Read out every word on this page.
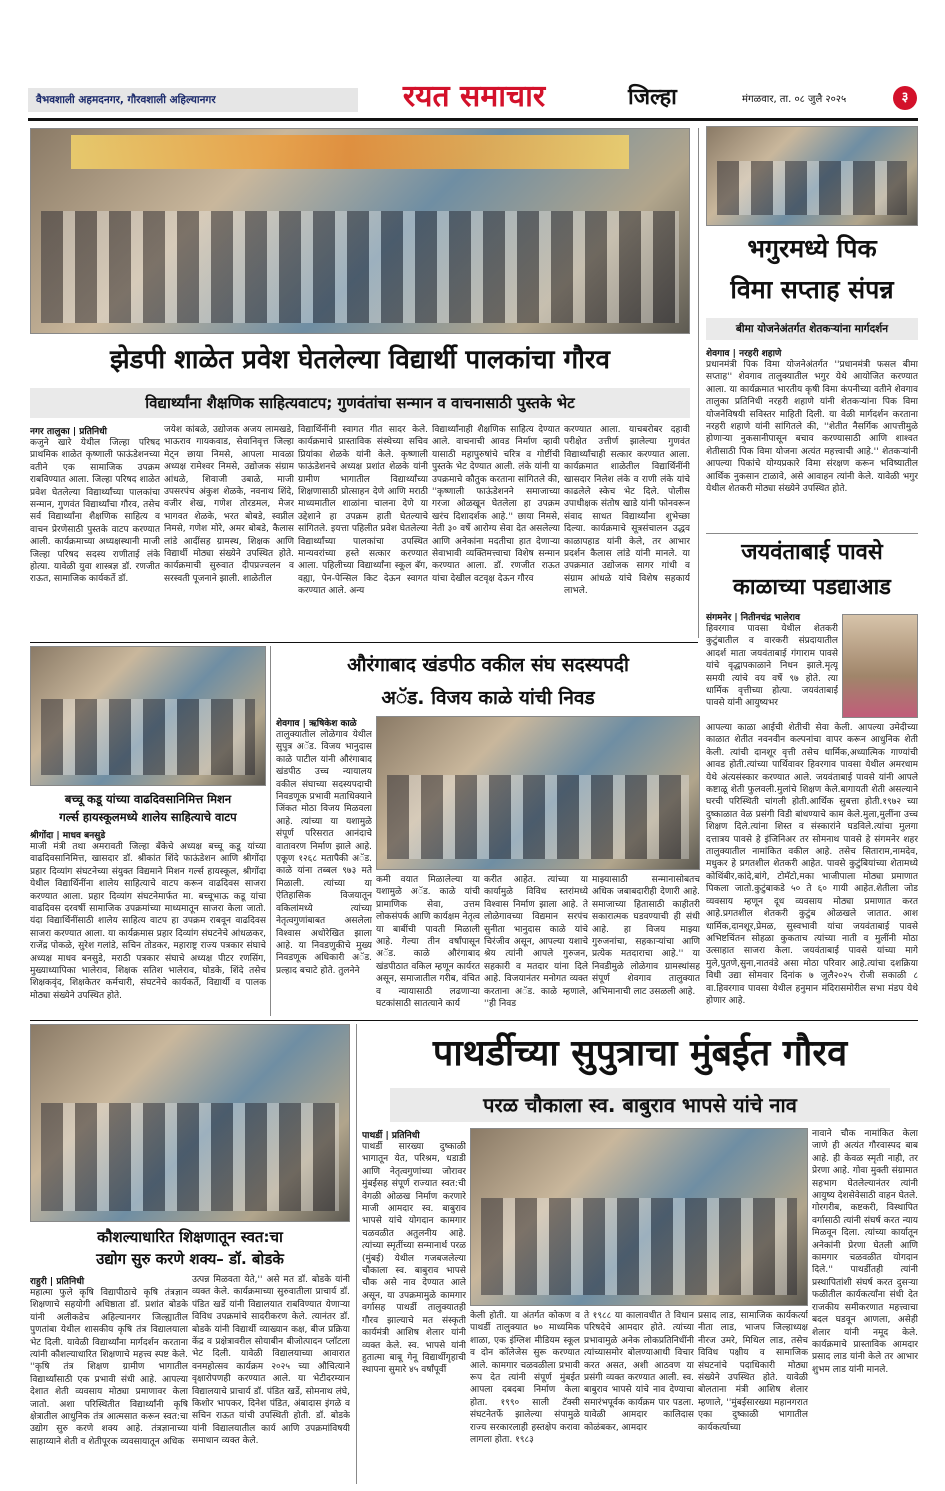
वैभवशाली अहमदनगर, गौरवशाली अहिल्यानगर	रयत समाचार	जिल्हा	मंगळवार, ता. ०८ जुलै २०२५	३
झेडपी शाळेत प्रवेश घेतलेल्या विद्यार्थी पालकांचा गौरव
विद्यार्थ्यांना शैक्षणिक साहित्यवाटप; गुणवंतांचा सन्मान व वाचनासाठी पुस्तके भेट
नगर तालुका | प्रतिनिधी
कजुने खारे येथील जिल्हा परिषद प्राथमिक शाळेत कृष्णाली फाऊंडेशनच्या वतीने एक सामाजिक उपक्रम राबविण्यात आला. जिल्हा परिषद शाळेत प्रवेश घेतलेल्या विद्यार्थ्यांच्या पालकांचा सन्मान, गुणवंत विद्यार्थ्यांचा गौरव, तसेच सर्व विद्यार्थ्यांना शैक्षणिक साहित्य व वाचन प्रेरणेसाठी पुस्तके वाटप करण्यात आली. कार्यक्रमाच्या अध्यक्षस्थानी माजी जिल्हा परिषद सदस्य राणीताई लंके होत्या. यावेळी युवा शास्त्रज्ञ डॉ. रणजीत राऊत, सामाजिक कार्यकर्ते डॉ.
जयेश कांबळे, उद्योजक अजय लामखडे, भाऊराव गायकवाड, सेवानिवृत्त जिल्हा मेट्न छाया निमसे, आपला मावळा अध्यक्ष रामेश्वर निमसे, उद्योजक संग्राम आंधळे, शिवाजी उबाळे, माजी उपसरपंच अंकुश शेळके, नवनाथ शिंदे, वजीर शेख, गणेश तोरडमल, मेजर भागवत शेळके, भरत बोबडे, स्वप्नील निमसे, गणेश मोरे, अमर बोबडे, कैलास लांडे आदींसह ग्रामस्थ, शिक्षक आणि विद्यार्थी मोठ्या संख्येने उपस्थित होते. कार्यक्रमाची सुरुवात दीपप्रज्वलन व सरस्वती पूजनाने झाली. शाळेतील
विद्यार्थिनींनी स्वागत गीत सादर केले. कार्यक्रमाचे प्रास्ताविक संस्थेच्या सचिव प्रियांका शेळके यांनी केले. कृष्णाली फाऊंडेशनचे अध्यक्ष प्रशांत शेळके यांनी ग्रामीण भागातील विद्यार्थ्यांच्या शिक्षणासाठी प्रोत्साहन देणे आणि मराठी माध्यमातील शाळांना चालना देणे या उद्देशाने हा उपक्रम हाती घेतल्याचे सांगितले. इयत्ता पहिलीत प्रवेश घेतलेल्या विद्यार्थ्यांच्या पालकांचा उपस्थित मान्यवरांच्या हस्ते सत्कार करण्यात आला. पहिलीच्या विद्यार्थ्यांना स्कूल बॅग, वह्या, पेन-पेन्सिल किट देऊन स्वागत करण्यात आले. अन्य
विद्यार्थ्यांनाही शैक्षणिक साहित्य देण्यात आले. वाचनाची आवड निर्माण व्हावी यासाठी महापुरुषांचे चरित्र व गोष्टींची पुस्तके भेट देण्यात आली. लंके यांनी या उपक्रमाचे कौतुक करताना सांगितले की, ''कृष्णाली फाऊंडेशनने समाजाच्या गरजा ओळखून घेतलेला हा उपक्रम खरंच दिशादर्शक आहे.'' छाया निमसे, नेती ३० वर्षे आरोग्य सेवा देत असलेल्या आणि अनेकांना मदतीचा हात देणाऱ्या सेवाभावी व्यक्तिमत्त्वाचा विशेष सन्मान करण्यात आला. डॉ. रणजीत राऊत यांचा देखील वटवृक्ष देऊन गौरव
करण्यात आला. याचबरोबर दहावी परीक्षेत उत्तीर्ण झालेल्या गुणवंत विद्यार्थ्यांचाही सत्कार करण्यात आला. कार्यक्रमात शाळेतील विद्यार्थिनींनी खासदार निलेश लंके व राणी लंके यांचे काढलेले स्केच भेट दिले. पोलीस उपाधीक्षक संतोष खाडे यांनी फोनवरून संवाद साधत विद्यार्थ्यांना शुभेच्छा दिल्या. कार्यक्रमाचे सूत्रसंचालन उद्धव काळापहाड यांनी केले, तर आभार प्रदर्शन कैलास लांडे यांनी मानले. या उपक्रमात उद्योजक सागर गांधी व संग्राम आंधळे यांचे विशेष सहकार्य लाभले.
भगुरमध्ये पिक
विमा सप्ताह संपन्न
बीमा योजनेअंतर्गत शेतकऱ्यांना मार्गदर्शन
शेवगाव | नरहरी शहाणे
प्रधानमंत्री पिक विमा योजनेअंतर्गत ''प्रधानमंत्री फसल बीमा सप्ताह'' शेवगाव तालुक्यातील भगुर येथे आयोजित करण्यात आला. या कार्यक्रमात भारतीय कृषी विमा कंपनीच्या वतीने शेवगाव तालुका प्रतिनिधी नरहरी शहाणे यांनी शेतकऱ्यांना पिक विमा योजनेविषयी सविस्तर माहिती दिली. या वेळी मार्गदर्शन करताना नरहरी शहाणे यांनी सांगितले की, ''शेतीत नैसर्गिक आपत्तीमुळे होणाऱ्या नुकसानीपासून बचाव करण्यासाठी आणि शाश्वत शेतीसाठी पिक विमा योजना अत्यंत महत्त्वाची आहे.'' शेतकऱ्यांनी आपल्या पिकांचे योग्यप्रकारे विमा संरक्षण करून भविष्यातील आर्थिक नुकसान टाळावे, असे आवाहन त्यांनी केले. यावेळी भगुर येथील शेतकरी मोठ्या संख्येने उपस्थित होते.
जयवंताबाई पावसे
काळाच्या पडद्याआड
संगमनेर | नितीनचंद्र भालेराव
हिवरगाव पावसा येथील शेतकरी कुटुंबातील व वारकरी संप्रदायातील आदर्श माता जयवंताबाई गंगाराम पावसे यांचे वृद्धापकाळाने निधन झाले.मृत्यू समयी त्यांचे वय वर्षे ९७ होते. त्या धार्मिक वृत्तीच्या होत्या. जयवंताबाई पावसे यांनी आयुष्यभर
आपल्या काळा आईची शेतीची सेवा केली. आपल्या उमेदीच्या काळात शेतीत नवनवीन कल्पनांचा वापर करून आधुनिक शेती केली. त्यांची दानशूर वृत्ती तसेच धार्मिक,अध्यात्मिक गाण्यांची आवड होती.त्यांच्या पार्थिवावर हिवरगाव पावसा येथील अमरधाम येथे अंत्यसंस्कार करण्यात आले. जयवंताबाई पावसे यांनी आपले कष्टाळू शेती फुलवली.मुलांचे शिक्षण केले.बागायती शेती असल्याने घरची परिस्थिती चांगली होती.आर्थिक सुबत्ता होती.१९७२ च्या दुष्काळात वेळ प्रसंगी विडी बांधण्याचे काम केले.मुला,मुलींना उच्च शिक्षण दिले.त्यांना शिस्त व संस्कारांने घडविले.त्यांचा मुलगा दत्तात्रय पावसे हे इंजिनिअर तर सोमनाथ पावसे हे संगमनेर शहर तालुक्यातील नामांकित वकील आहे. तसेच सिताराम,नामदेव, मधुकर हे प्रगतशील शेतकरी आहेत. पावसे कुटुंबियांच्या शेतामध्ये कोथिंबीर,कांदे,बांगे, टोमॅटो,मका भाजीपाला मोठ्या प्रमाणात पिकला जातो.कुटुंबाकडे ५० ते ६० गायी आहेत.शेतीला जोड व्यवसाय म्हणून दूध व्यवसाय मोठ्या प्रमाणात करत आहे.प्रगतशील शेतकरी कुटुंब ओळखले जातात. आश धार्मिक,दानशूर,प्रेमळ, सुस्वभावी यांचा जयवंताबाई पावसे अभिष्टचिंतन सोहळा कुकताच त्यांच्या नाती व मुलींनी मोठा उत्साहात साजरा केला. जयवंताबाई पावसे यांच्या मागे मुले,पुतणे,सुना,नातवंडे असा मोठा परिवार आहे.त्यांचा दशक्रिया विधी उद्या सोमवार दिनांक ७ जुलै२०२५ रोजी सकाळी ८ वा.हिवरगाव पावसा येथील हनुमान मंदिरासमोरील सभा मंडप येथे होणार आहे.
बच्चू कडू यांच्या वाढदिवसानिमित्त मिशन
गर्ल्स हायस्कूलमध्ये शालेय साहित्याचे वाटप
श्रीगोंदा | माधव बनसुडे
माजी मंत्री तथा अमरावती जिल्हा बँकेचे अध्यक्ष बच्चू कडू यांच्या वाढदिवसानिमित्त, खासदार डॉ. श्रीकांत शिंदे फाऊंडेशन आणि श्रीगोंदा प्रहार दिव्यांग संघटनेच्या संयुक्त विद्यमाने मिशन गर्ल्स हायस्कूल, श्रीगोंदा येथील विद्यार्थिनींना शालेय साहित्याचे वाटप करून वाढदिवस साजरा करण्यात आला. प्रहार दिव्यांग संघटनेमार्फत मा. बच्चूभाऊ कडू यांचा वाढदिवस दरवर्षी सामाजिक उपक्रमांच्या माध्यमातून साजरा केला जातो. यंदा विद्यार्थिनींसाठी शालेय साहित्य वाटप हा उपक्रम राबवून वाढदिवस साजरा करण्यात आला. या कार्यक्रमास प्रहार दिव्यांग संघटनेचे आंधळकर, राजेंद्र पोकळे, सुरेश गलांडे, सचिन तोडकर, महाराष्ट्र राज्य पत्रकार संघाचे अध्यक्ष माधव बनसुडे, मराठी पत्रकार संघाचे अध्यक्ष पीटर रणसिंग, मुख्याध्यापिका भालेराव, शिक्षक सतिश भालेराव, घोडके, शिंदे तसेच शिक्षकवृंद, शिक्षकेतर कर्मचारी, संघटनेचे कार्यकर्ते, विद्यार्थी व पालक मोठ्या संख्येने उपस्थित होते.
औरंगाबाद खंडपीठ वकील संघ सदस्यपदी
अॅड. विजय काळे यांची निवड
शेवगाव | ऋषिकेश काळे
तालुक्यातील लोळेगाव येथील सुपुत्र अॅड. विजय भानुदास काळे पाटील यांनी औरंगाबाद खंडपीठ उच्च न्यायालय वकील संघाच्या सदस्यपदाची निवडणूक प्रभावी मताधिक्याने जिंकत मोठा विजय मिळवला आहे. त्यांच्या या यशामुळे संपूर्ण परिसरात आनंदाचे वातावरण निर्माण झाले आहे. एकूण १२६८ मतापैकी अॅड. काळे यांना तब्बल ९७३ मते मिळाली. त्यांच्या या ऐतिहासिक विजयातून वकिलांमध्ये त्यांच्या नेतृत्वगुणांबाबत असलेला विश्वास अधोरेखित झाला आहे. या निवडणुकीचे मुख्य निवडणूक अधिकारी अॅड. प्रल्हाद बचाटे होते. तुलनेने
कमी वयात मिळालेल्या या यशामुळे अॅड. काळे यांची प्रामाणिक सेवा, उत्तम लोकसंपर्क आणि कार्यक्षम नेतृत्व या बाबींची पावती मिळाली आहे. गेल्या तीन वर्षांपासून अॅड. काळे औरंगाबाद खंडपीठात वकिल म्हणून कार्यरत असून, समाजातील गरीब, वंचित व न्यायासाठी लढणाऱ्या घटकांसाठी सातत्याने कार्य
करीत आहेत. त्यांच्या या कार्यामुळे विविध स्तरांमध्ये विश्वास निर्माण झाला आहे. ते लोळेगावच्या विद्यमान सरपंच सुनीता भानुदास काळे यांचे चिरंजीव असून, आपल्या यशाचे श्रेय त्यांनी आपले गुरुजन, सहकारी व मतदार यांना दिले आहे. विजयानंतर मनोगत व्यक्त करताना अॅड. काळे म्हणाले, ''ही निवड
माझ्यासाठी सन्मानासोबतच अधिक जबाबदारीही देणारी आहे. समाजाच्या हितासाठी काहीतरी सकारात्मक घडवण्याची ही संधी आहे. हा विजय माझ्या गुरुजनांचा, सहकाऱ्यांचा आणि प्रत्येक मतदाराचा आहे.'' या निवडीमुळे लोळेगाव ग्रामस्थांसह संपूर्ण शेवगाव तालुक्यात अभिमानाची लाट उसळली आहे.
कौशल्याधारित शिक्षणातून स्वत:चा
उद्योग सुरु करणे शक्य– डॉ. बोडके
राहुरी | प्रतिनिधी
महात्मा फुले कृषि विद्यापीठाचे कृषि तंत्रज्ञान शिक्षणाचे सहयोगी अधिष्ठाता डॉ. प्रशांत बोडके यांनी अलीकडेच अहिल्यानगर जिल्ह्यातील पुणतांबा येथील शासकीय कृषि तंत्र विद्यालयाला भेट दिली. यावेळी विद्यार्थ्यांना मार्गदर्शन करताना त्यांनी कौशल्याधारित शिक्षणाचे महत्त्व स्पष्ट केले. ''कृषि तंत्र शिक्षण ग्रामीण भागातील विद्यार्थ्यांसाठी एक प्रभावी संधी आहे. आपल्या देशात शेती व्यवसाय मोठ्या प्रमाणावर केला जातो. अशा परिस्थितीत विद्यार्थ्यांनी कृषि क्षेत्रातील आधुनिक तंत्र आत्मसात करून स्वत:चा उद्योग सुरु करणे शक्य आहे. तंत्रज्ञानाच्या साहाय्याने शेती व शेतीपूरक व्यवसायातून अधिक
उत्पन्न मिळवता येते,'' असे मत डॉ. बोडके यांनी व्यक्त केले. कार्यक्रमाच्या सुरुवातीला प्राचार्य डॉ. पंडित खर्डे यांनी विद्यालयात राबविण्यात येणाऱ्या विविध उपक्रमांचे सादरीकरण केले. त्यानंतर डॉ. बोडके यांनी विद्यार्थी व्याख्यान कक्ष, बीज प्रक्रिया केंद्र व प्रक्षेत्रावरील सोयाबीन बीजोत्पादन प्लॉटला भेट दिली. यावेळी विद्यालयाच्या आवारात वनमहोत्सव कार्यक्रम २०२५ च्या औचित्याने वृक्षारोपणही करण्यात आले. या भेटीदरम्यान विद्यालयाचे प्राचार्य डॉ. पंडित खर्डे, सोमनाथ लंघे, किशोर भापकर, दिनेश पंडित, अंबादास इंगळे व सचिन राऊत यांची उपस्थिती होती. डॉ. बोडके यांनी विद्यालयातील कार्य आणि उपक्रमांविषयी समाधान व्यक्त केले.
पाथर्डीच्या सुपुत्राचा मुंबईत गौरव
परळ चौकाला स्व. बाबुराव भापसे यांचे नाव
पाथर्डी | प्रतिनिधी
पाथर्डी सारख्या दुष्काळी भागातून येत, परिश्रम, धडाडी आणि नेतृत्वगुणांच्या जोरावर मुंबईसह संपूर्ण राज्यात स्वत:ची वेगळी ओळख निर्माण करणारे माजी आमदार स्व. बाबुराव भापसे यांचे योगदान कामगार चळवळीत अतुलनीय आहे. त्यांच्या स्मृतींच्या सन्मानार्थ परळ (मुंबई) येथील गजबजलेल्या चौकाला स्व. बाबुराव भापसे चौक असे नाव देण्यात आले असून, या उपक्रमामुळे कामगार वर्गासह पाथर्डी तालुक्यातही गौरव झाल्याचे मत संस्कृती कार्यमंत्री आशिष शेलार यांनी व्यक्त केले. स्व. भापसे यांनी हुतात्मा बाबू गेनू विद्यार्थीगृहाची स्थापना सुमारे ४५ वर्षांपूर्वी
केली होती. या अंतर्गत कोकण व पाथर्डी तालुक्यात ७० माध्यमिक शाळा, एक इंग्लिश मीडियम स्कूल व दोन कॉलेजेस सुरू करण्यात आले. कामगार चळवळीला प्रभावी रूप देत त्यांनी संपूर्ण मुंबईत आपला दबदबा निर्माण केला होता. १९९० साली टॅक्सी संघटनेतर्फे झालेल्या संपामुळे राज्य सरकारलाही हस्तक्षेप करावा लागला होता. १९८३
ते १९८८ या कालावधीत ते विधान परिषदेचे आमदार होते. त्यांच्या प्रभावामुळे अनेक लोकप्रतिनिधींनी त्यांच्यासमोर बोलण्याआधी विचार करत असत, अशी आठवण या प्रसंगी व्यक्त करण्यात आली. स्व. बाबुराव भापसे यांचे नाव देण्याचा समारंभपूर्वक कार्यक्रम पार पडला. यावेळी आमदार कालिदास कोळंबकर, आमदार
प्रसाद लाड, सामाजिक कार्यकर्त्या नीता लाड, भाजप जिल्हाध्यक्ष नीरज उमरे, मिथिल लाड, तसेच विविध पक्षीय व सामाजिक संघटनांचे पदाधिकारी मोठ्या संख्येने उपस्थित होते. यावेळी बोलताना मंत्री आशिष शेलार म्हणाले, ''मुंबईसारख्या महानगरात एका दुष्काळी भागातील कार्यकर्त्याच्या
नावाने चौक नामांकित केला जाणे ही अत्यंत गौरवास्पद बाब आहे. ही केवळ स्मृती नाही, तर प्रेरणा आहे. गोवा मुक्ती संग्रामात सहभाग घेतलेल्यानंतर त्यांनी आयुष्य देशसेवेसाठी वाहन घेतले. गोरगरीब, कष्टकरी, विस्थापित वर्गासाठी त्यांनी संघर्ष करत न्याय मिळवून दिला. त्यांच्या कार्यातून अनेकांनी प्रेरणा घेतली आणि कामगार चळवळीत योगदान दिले.'' पाथर्डीतही त्यांनी प्रस्थापितांशी संघर्ष करत दुसऱ्या फळीतील कार्यकर्त्यांना संधी देत राजकीय समीकरणात महत्त्वाचा बदल घडवून आणला, असेही शेलार यांनी नमूद केले. कार्यक्रमाचे प्रास्ताविक आमदार प्रसाद लाड यांनी केले तर आभार शुभम लाड यांनी मानले.
